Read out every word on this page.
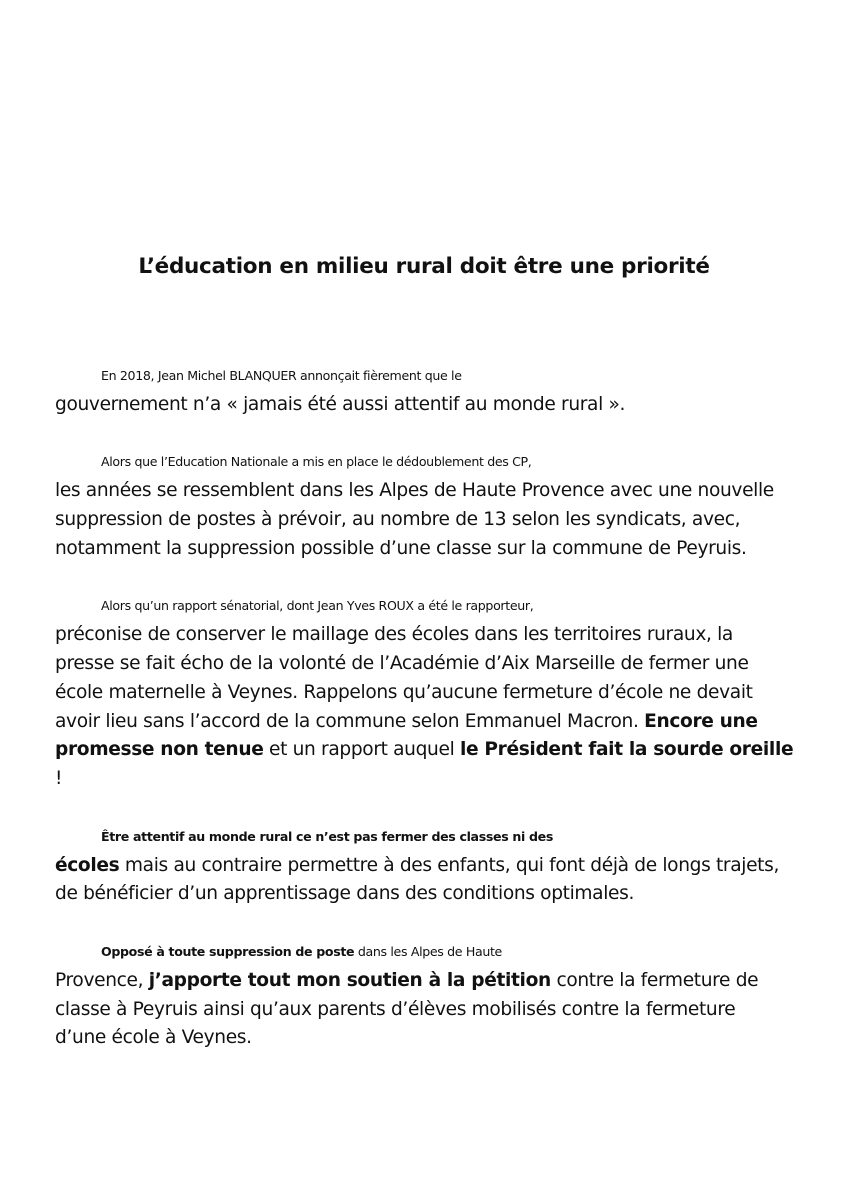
L’éducation en milieu rural doit être une priorité

En 2018, Jean Michel BLANQUER annonçait fièrement que le
gouvernement n’a « jamais été aussi attentif au monde rural ».

Alors que l’Education Nationale a mis en place le dédoublement des CP,
les années se ressemblent dans les Alpes de Haute Provence avec une nouvelle
suppression de postes à prévoir, au nombre de 13 selon les syndicats, avec,
notamment la suppression possible d’une classe sur la commune de Peyruis.

Alors qu’un rapport sénatorial, dont Jean Yves ROUX a été le rapporteur,
préconise de conserver le maillage des écoles dans les territoires ruraux, la
presse se fait écho de la volonté de l’Académie d’Aix Marseille de fermer une
école maternelle à Veynes. Rappelons qu’aucune fermeture d’école ne devait
avoir lieu sans l’accord de la commune selon Emmanuel Macron. Encore une
promesse non tenue et un rapport auquel le Président fait la sourde oreille
!

Être attentif au monde rural ce n’est pas fermer des classes ni des
écoles mais au contraire permettre à des enfants, qui font déjà de longs trajets,
de bénéficier d’un apprentissage dans des conditions optimales.

Opposé à toute suppression de poste dans les Alpes de Haute
Provence, j’apporte tout mon soutien à la pétition contre la fermeture de
classe à Peyruis ainsi qu’aux parents d’élèves mobilisés contre la fermeture
d’une école à Veynes.
